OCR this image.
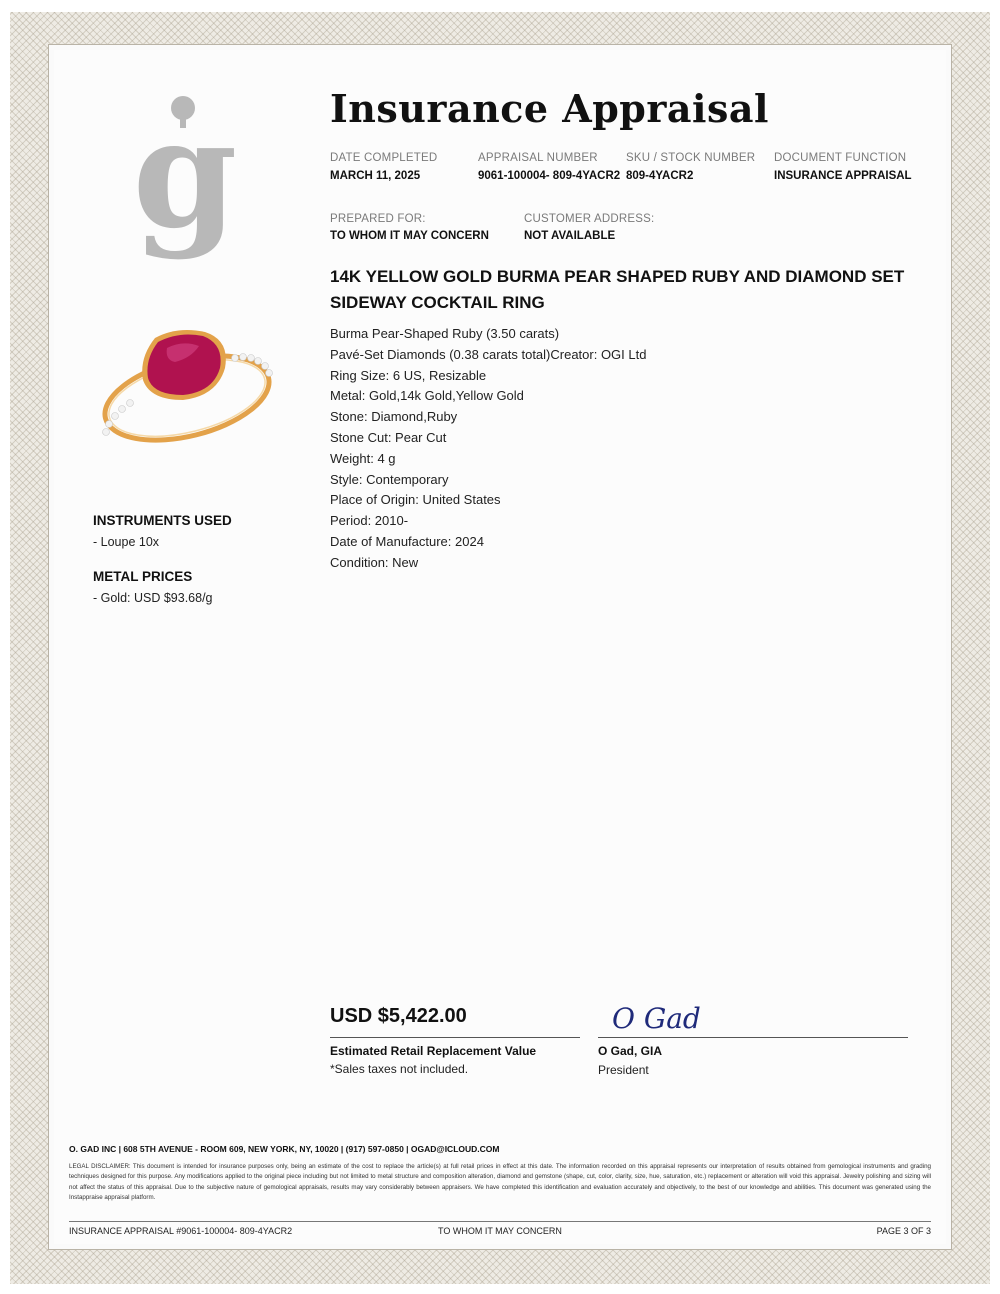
g Insurance Appraisal
DATE COMPLETED
MARCH 11, 2025
APPRAISAL NUMBER
9061-100004- 809-4YACR2
SKU / STOCK NUMBER
809-4YACR2
DOCUMENT FUNCTION
INSURANCE APPRAISAL
PREPARED FOR:
TO WHOM IT MAY CONCERN
CUSTOMER ADDRESS:
NOT AVAILABLE
14K YELLOW GOLD BURMA PEAR SHAPED RUBY AND DIAMOND SET SIDEWAY COCKTAIL RING
Burma Pear-Shaped Ruby (3.50 carats)
Pavé-Set Diamonds (0.38 carats total)Creator: OGI Ltd
Ring Size: 6 US, Resizable
Metal: Gold,14k Gold,Yellow Gold
Stone: Diamond,Ruby
Stone Cut: Pear Cut
Weight: 4 g
Style: Contemporary
Place of Origin: United States
Period: 2010-
Date of Manufacture: 2024
Condition: New
INSTRUMENTS USED
- Loupe 10x
METAL PRICES
- Gold: USD $93.68/g
USD $5,422.00
Estimated Retail Replacement Value
*Sales taxes not included.
O Gad
O Gad, GIA
President
O. GAD INC | 608 5TH AVENUE - ROOM 609, NEW YORK, NY, 10020 | (917) 597-0850 | OGAD@ICLOUD.COM
LEGAL DISCLAIMER: This document is intended for insurance purposes only, being an estimate of the cost to replace the article(s) at full retail prices in effect at this date. The information recorded on this appraisal represents our interpretation of results obtained from gemological instruments and grading techniques designed for this purpose. Any modifications applied to the original piece including but not limited to metal structure and composition alteration, diamond and gemstone (shape, cut, color, clarity, size, hue, saturation, etc.) replacement or alteration will void this appraisal. Jewelry polishing and sizing will not affect the status of this appraisal. Due to the subjective nature of gemological appraisals, results may vary considerably between appraisers. We have completed this identification and evaluation accurately and objectively, to the best of our knowledge and abilities. This document was generated using the Instappraise appraisal platform.
INSURANCE APPRAISAL #9061-100004- 809-4YACR2	TO WHOM IT MAY CONCERN	PAGE 3 OF 3
